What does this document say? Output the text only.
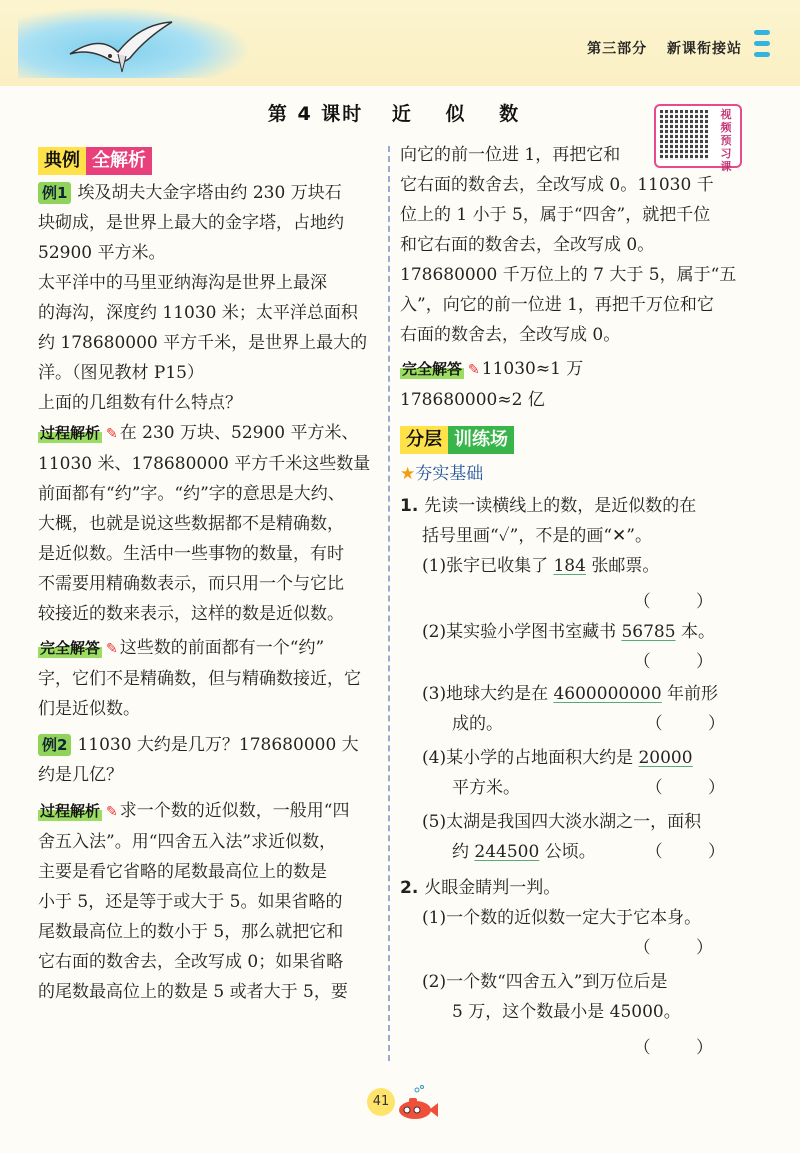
第三部分 新课衔接站
第 4 课时 近 似 数	视频预习课
典例 全解析

例1 埃及胡夫大金字塔由约 230 万块石
块砌成，是世界上最大的金字塔，占地约
52900 平方米。

太平洋中的马里亚纳海沟是世界上最深
的海沟，深度约 11030 米；太平洋总面积
约 178680000 平方千米，是世界上最大的
洋。（图见教材 P15）
上面的几组数有什么特点？

过程解析 ✎ 在 230 万块、52900 平方米、
11030 米、178680000 平方千米这些数量
前面都有“约”字。“约”字的意思是大约、
大概，也就是说这些数据都不是精确数，
是近似数。生活中一些事物的数量，有时
不需要用精确数表示，而只用一个与它比
较接近的数来表示，这样的数是近似数。

完全解答 ✎ 这些数的前面都有一个“约”
字，它们不是精确数，但与精确数接近，它
们是近似数。

例2 11030 大约是几万？178680000 大
约是几亿？

过程解析 ✎ 求一个数的近似数，一般用“四
舍五入法”。用“四舍五入法”求近似数，
主要是看它省略的尾数最高位上的数是
小于 5，还是等于或大于 5。如果省略的
尾数最高位上的数小于 5，那么就把它和
它右面的数舍去，全改写成 0；如果省略
的尾数最高位上的数是 5 或者大于 5，要

向它的前一位进 1，再把它和
它右面的数舍去，全改写成 0。11030 千
位上的 1 小于 5，属于“四舍”，就把千位
和它右面的数舍去，全改写成 0。
178680000 千万位上的 7 大于 5，属于“五
入”，向它的前一位进 1，再把千万位和它
右面的数舍去，全改写成 0。

完全解答 ✎ 11030≈1 万
178680000≈2 亿

分层 训练场
★夯实基础
1. 先读一读横线上的数，是近似数的在
括号里画“✓”，不是的画“✕”。
(1)张宇已收集了 184 张邮票。
（ ）
(2)某实验小学图书室藏书 56785 本。
（ ）
(3)地球大约是在 4600000000 年前形
成的。	（ ）
(4)某小学的占地面积大约是 20000
平方米。	（ ）
(5)太湖是我国四大淡水湖之一，面积
约 244500 公顷。	（ ）
2. 火眼金睛判一判。
(1)一个数的近似数一定大于它本身。
（ ）
(2)一个数“四舍五入”到万位后是
5 万，这个数最小是 45000。
（ ）
41
